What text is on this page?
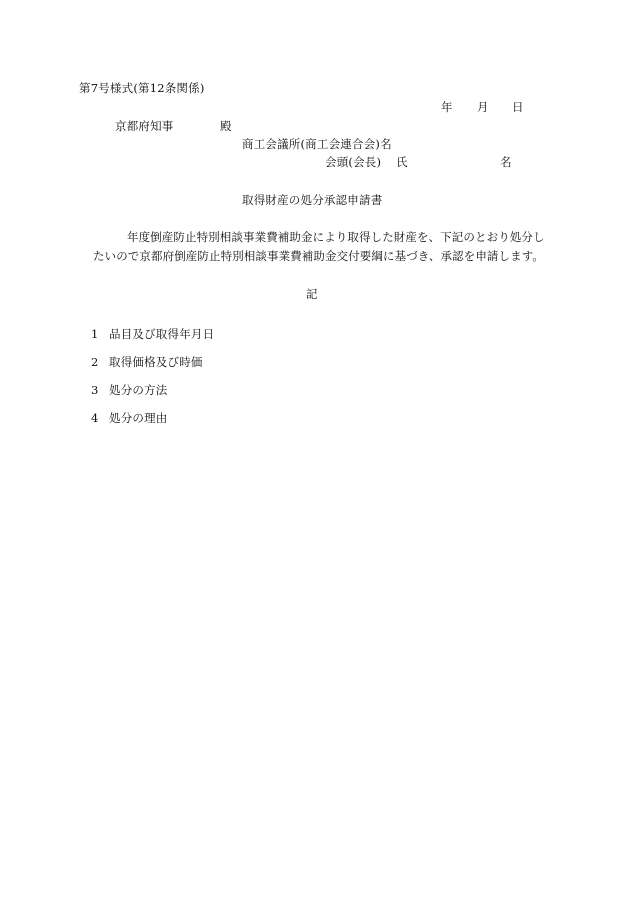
第7号様式(第12条関係)
年 月 日
京都府知事	殿
商工会議所(商工会連合会)名
会頭(会長) 氏	名
取得財産の処分承認申請書
年度倒産防止特別相談事業費補助金により取得した財産を、下記のとおり処分し
たいので京都府倒産防止特別相談事業費補助金交付要綱に基づき、承認を申請します。
記
1 品目及び取得年月日
2 取得価格及び時価
3 処分の方法
4 処分の理由
